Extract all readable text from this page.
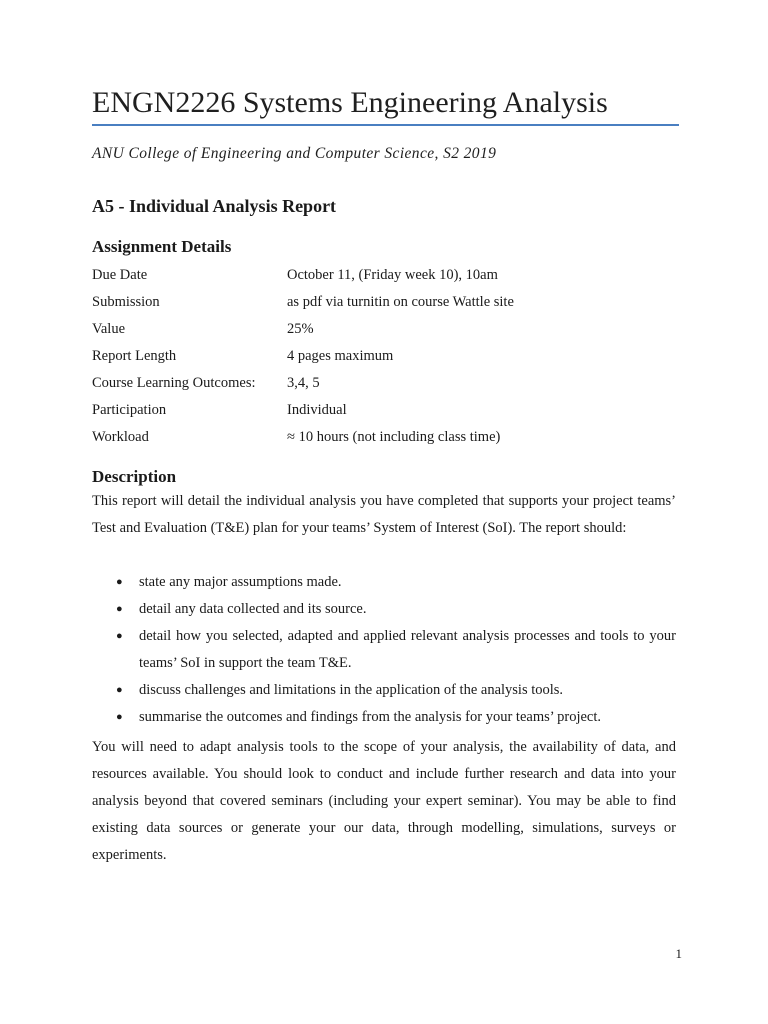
ENGN2226 Systems Engineering Analysis
ANU College of Engineering and Computer Science, S2 2019
A5 - Individual Analysis Report
Assignment Details
Due Date	October 11, (Friday week 10), 10am
Submission	as pdf via turnitin on course Wattle site
Value	25%
Report Length	4 pages maximum
Course Learning Outcomes: 3,4, 5
Participation	Individual
Workload	≈ 10 hours (not including class time)
Description
This report will detail the individual analysis you have completed that supports your project teams’ Test and Evaluation (T&E) plan for your teams’ System of Interest (SoI). The report should:
● state any major assumptions made.
● detail any data collected and its source.
● detail how you selected, adapted and applied relevant analysis processes and tools to your teams’ SoI in support the team T&E.
● discuss challenges and limitations in the application of the analysis tools.
● summarise the outcomes and findings from the analysis for your teams’ project.
You will need to adapt analysis tools to the scope of your analysis, the availability of data, and resources available. You should look to conduct and include further research and data into your analysis beyond that covered seminars (including your expert seminar). You may be able to find existing data sources or generate your our data, through modelling, simulations, surveys or experiments.
1
